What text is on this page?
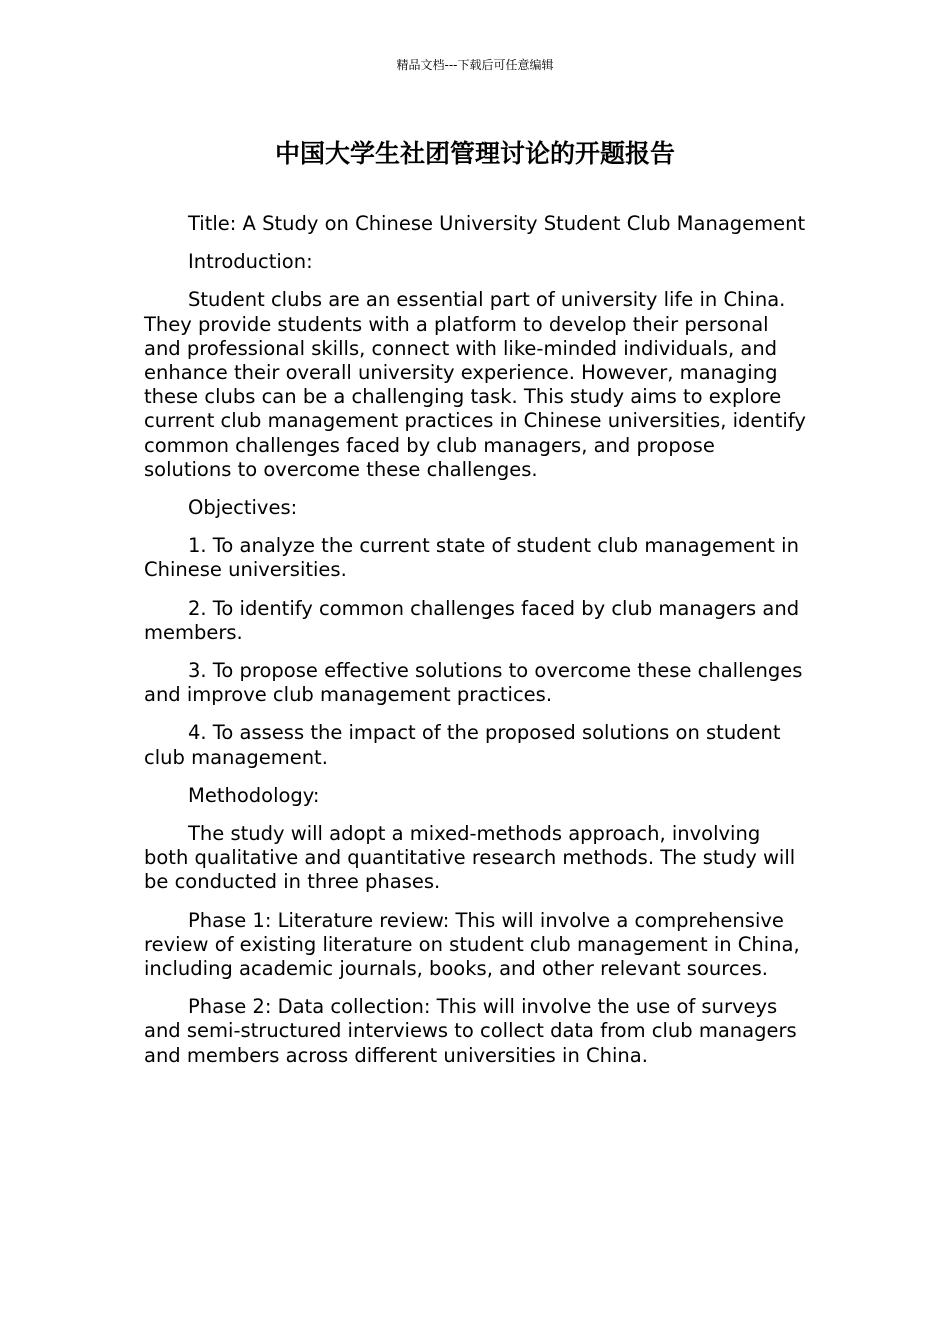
精品文档---下载后可任意编辑
中国大学生社团管理讨论的开题报告

Title: A Study on Chinese University Student Club Management

Introduction:

Student clubs are an essential part of university life in China. They provide students with a platform to develop their personal and professional skills, connect with like-minded individuals, and enhance their overall university experience. However, managing these clubs can be a challenging task. This study aims to explore current club management practices in Chinese universities, identify common challenges faced by club managers, and propose solutions to overcome these challenges.

Objectives:

1. To analyze the current state of student club management in Chinese universities.

2. To identify common challenges faced by club managers and members.

3. To propose effective solutions to overcome these challenges and improve club management practices.

4. To assess the impact of the proposed solutions on student club management.

Methodology:

The study will adopt a mixed-methods approach, involving both qualitative and quantitative research methods. The study will be conducted in three phases.

Phase 1: Literature review: This will involve a comprehensive review of existing literature on student club management in China, including academic journals, books, and other relevant sources.

Phase 2: Data collection: This will involve the use of surveys and semi-structured interviews to collect data from club managers and members across different universities in China.
